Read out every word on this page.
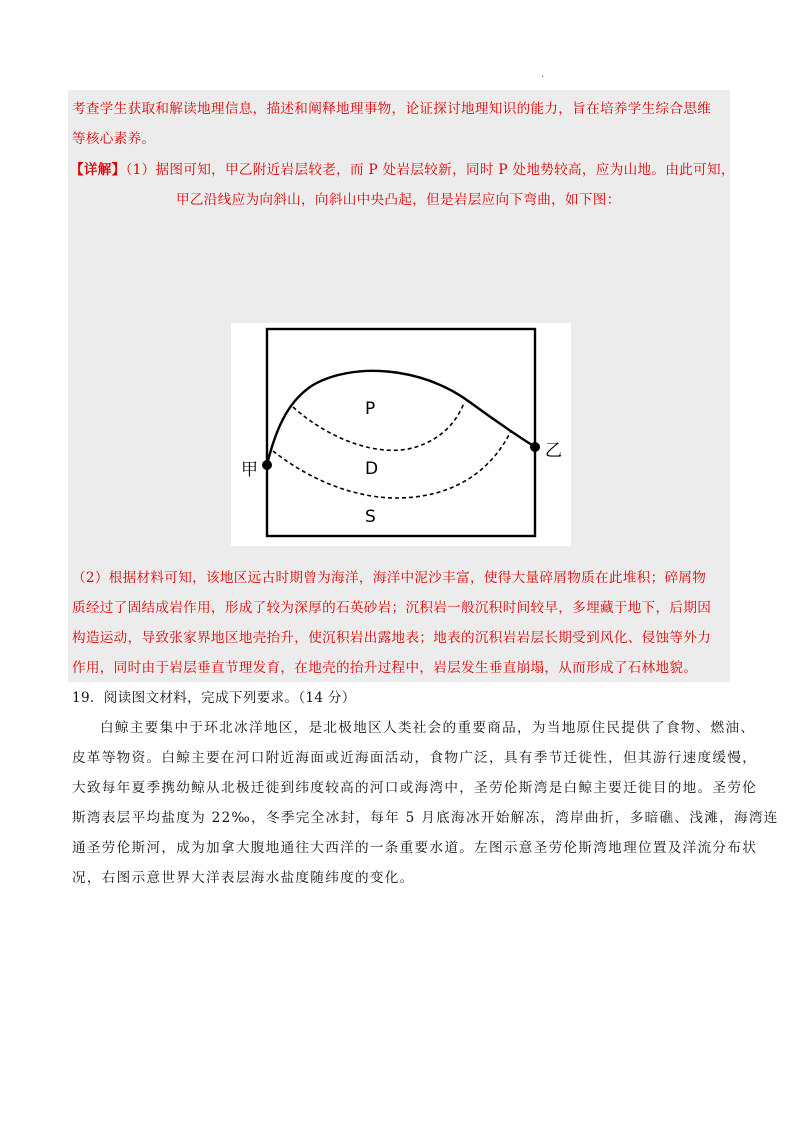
·
考查学生获取和解读地理信息，描述和阐释地理事物，论证探讨地理知识的能力，旨在培养学生综合思维
等核心素养。
【详解】（1）据图可知，甲乙附近岩层较老，而 P 处岩层较新，同时 P 处地势较高，应为山地。由此可知，
甲乙沿线应为向斜山，向斜山中央凸起，但是岩层应向下弯曲，如下图：
P
D
S
甲
乙
（2）根据材料可知，该地区远古时期曾为海洋，海洋中泥沙丰富，使得大量碎屑物质在此堆积；碎屑物
质经过了固结成岩作用，形成了较为深厚的石英砂岩；沉积岩一般沉积时间较早，多埋藏于地下，后期因
构造运动，导致张家界地区地壳抬升，使沉积岩出露地表；地表的沉积岩岩层长期受到风化、侵蚀等外力
作用，同时由于岩层垂直节理发育，在地壳的抬升过程中，岩层发生垂直崩塌，从而形成了石林地貌。
19．阅读图文材料，完成下列要求。（14 分）
白鲸主要集中于环北冰洋地区，是北极地区人类社会的重要商品，为当地原住民提供了食物、燃油、
皮革等物资。白鲸主要在河口附近海面或近海面活动，食物广泛，具有季节迁徙性，但其游行速度缓慢，
大致每年夏季携幼鲸从北极迁徙到纬度较高的河口或海湾中，圣劳伦斯湾是白鲸主要迁徙目的地。圣劳伦
斯湾表层平均盐度为 22‰，冬季完全冰封，每年 5 月底海冰开始解冻，湾岸曲折，多暗礁、浅滩，海湾连
通圣劳伦斯河，成为加拿大腹地通往大西洋的一条重要水道。左图示意圣劳伦斯湾地理位置及洋流分布状
况，右图示意世界大洋表层海水盐度随纬度的变化。
